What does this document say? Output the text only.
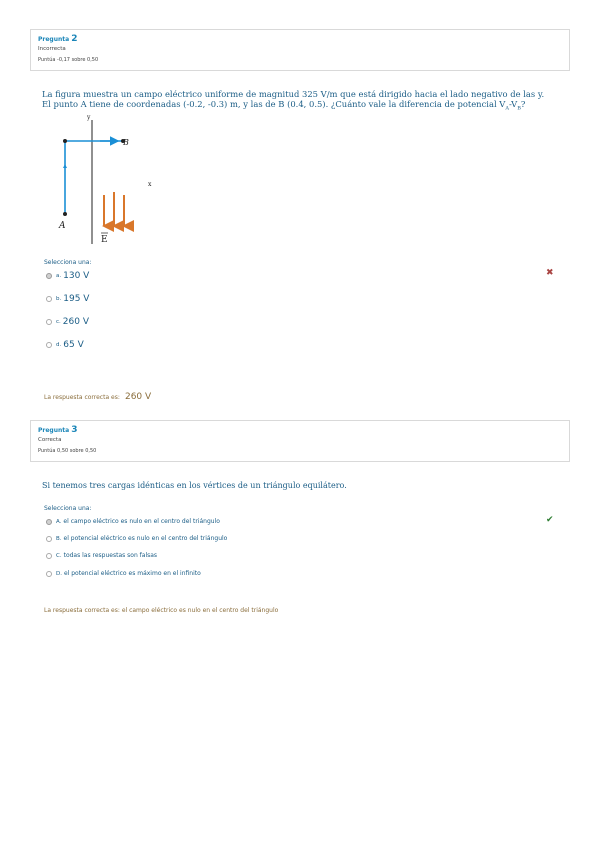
Pregunta 2
Incorrecta
Puntúa -0,17 sobre 0,50
La figura muestra un campo eléctrico uniforme de magnitud 325 V/m que está dirigido hacia el lado negativo de las y.
El punto A tiene de coordenadas (-0.2, -0.3) m, y las de B (0.4, 0.5). ¿Cuánto vale la diferencia de potencial $V_A-V_B$?
y
x
A
B
E
Selecciona una:
a. 130 V
b. 195 V
c. 260 V
d. 65 V
✖
La respuesta correcta es: 260 V
Pregunta 3
Correcta
Puntúa 0,50 sobre 0,50
Si tenemos tres cargas idénticas en los vértices de un triángulo equilátero.
Selecciona una:
A. el campo eléctrico es nulo en el centro del triángulo
B. el potencial eléctrico es nulo en el centro del triángulo
C. todas las respuestas son falsas
D. el potencial eléctrico es máximo en el infinito
✔
La respuesta correcta es: el campo eléctrico es nulo en el centro del triángulo
